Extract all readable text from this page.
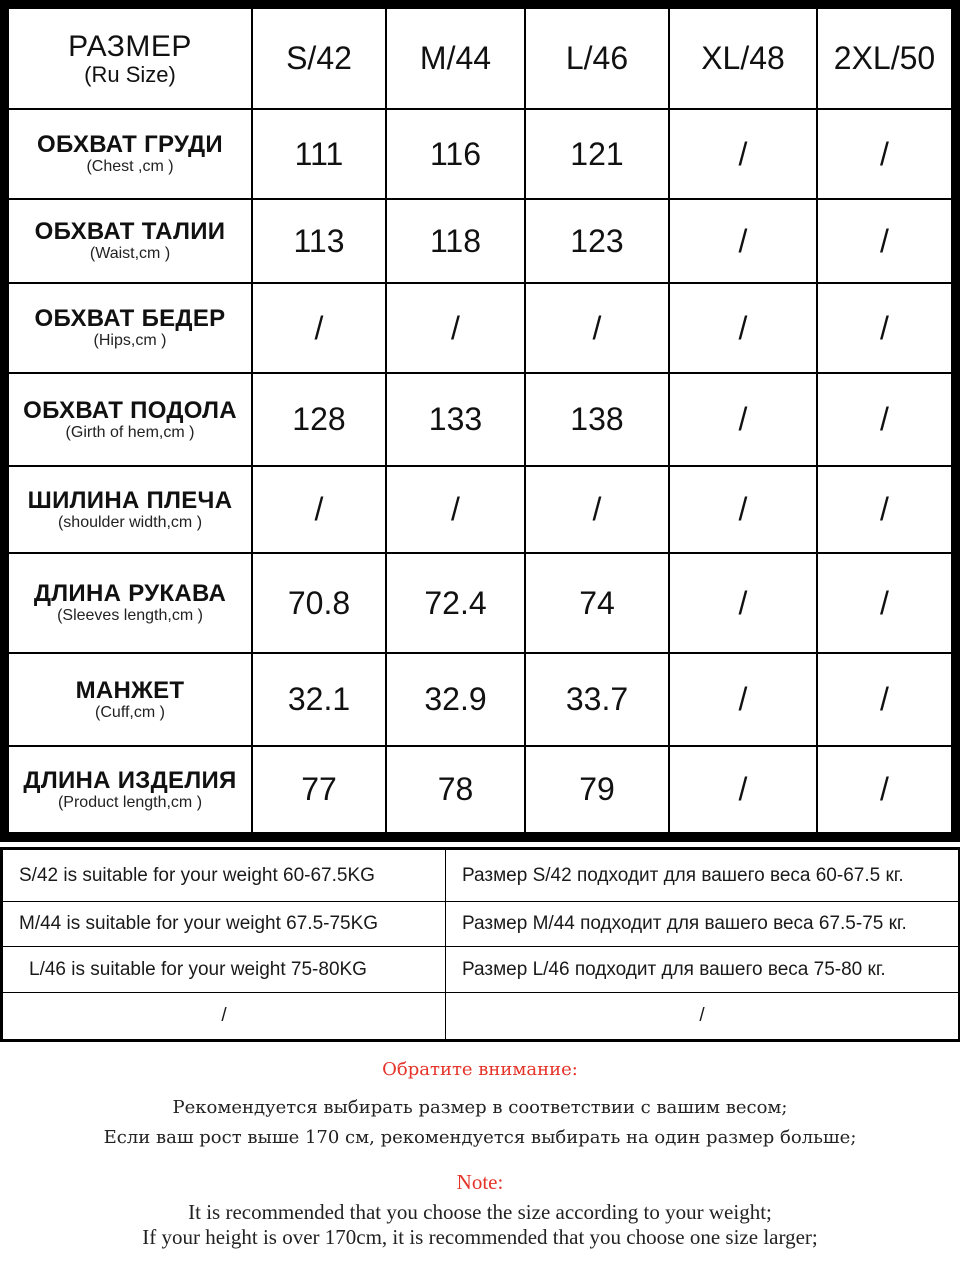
РАЗМЕР
(Ru Size)	S/42	M/44	L/46	XL/48	2XL/50
ОБХВАТ ГРУДИ
(Chest ,cm )	111	116	121	/	/
ОБХВАТ ТАЛИИ
(Waist,cm )	113	118	123	/	/
ОБХВАТ БЕДЕР
(Hips,cm )	/	/	/	/	/
ОБХВАТ ПОДОЛА
(Girth of hem,cm )	128	133	138	/	/
ШИЛИНА ПЛЕЧА
(shoulder width,cm )	/	/	/	/	/
ДЛИНА РУКАВА
(Sleeves length,cm )	70.8	72.4	74	/	/
МАНЖЕТ
(Cuff,cm )	32.1	32.9	33.7	/	/
ДЛИНА ИЗДЕЛИЯ
(Product length,cm )	77	78	79	/	/
S/42 is suitable for your weight 60-67.5KG	Размер S/42 подходит для вашего веса 60-67.5 кг.
M/44 is suitable for your weight 67.5-75KG	Размер M/44 подходит для вашего веса 67.5-75 кг.
L/46 is suitable for your weight 75-80KG	Размер L/46 подходит для вашего веса 75-80 кг.
/	/

Обратите внимание:

Рекомендуется выбирать размер в соответствии с вашим весом;

Если ваш рост выше 170 см, рекомендуется выбирать на один размер больше;

Note:

It is recommended that you choose the size according to your weight;

If your height is over 170cm, it is recommended that you choose one size larger;
